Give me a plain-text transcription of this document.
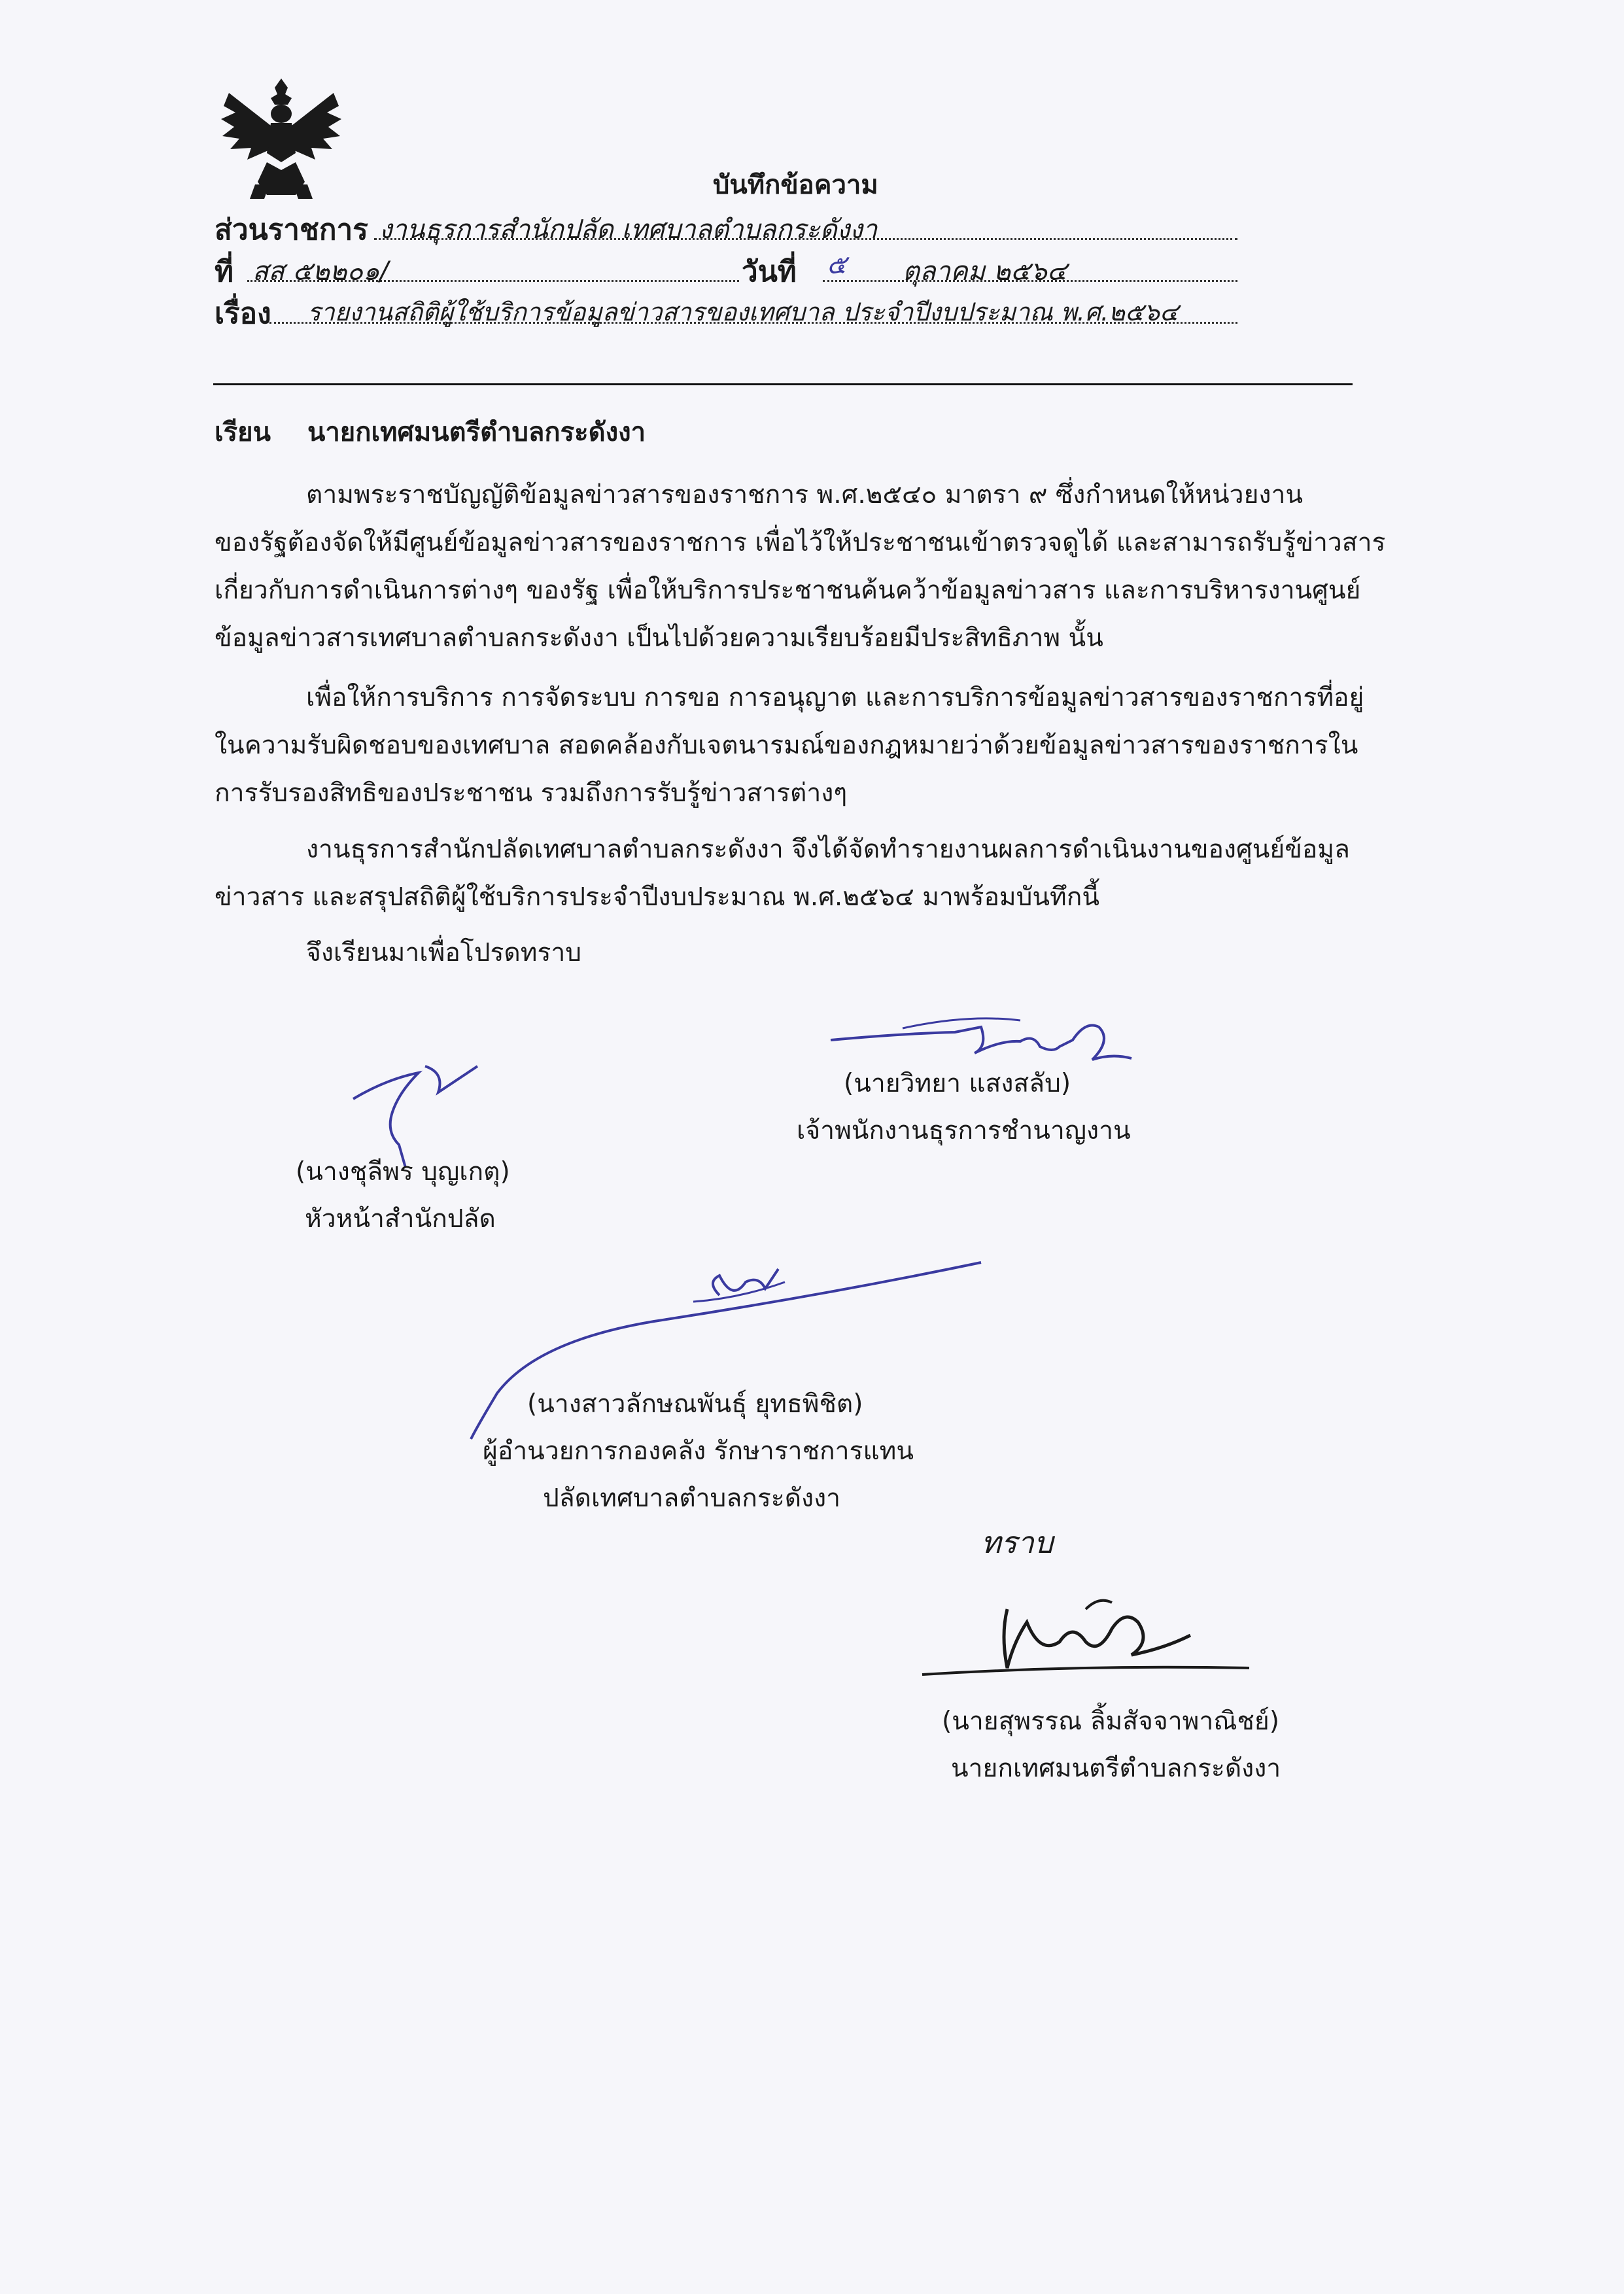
บันทึกข้อความ
ส่วนราชการ งานธุรการสำนักปลัด เทศบาลตำบลกระดังงา
ที่ สส ๕๒๒๐๑/	วันที่ ๕ ตุลาคม ๒๕๖๔
เรื่อง รายงานสถิติผู้ใช้บริการข้อมูลข่าวสารของเทศบาล ประจำปีงบประมาณ พ.ศ.๒๕๖๔
เรียน นายกเทศมนตรีตำบลกระดังงา
ตามพระราชบัญญัติข้อมูลข่าวสารของราชการ พ.ศ.๒๕๔๐ มาตรา ๙ ซึ่งกำหนดให้หน่วยงาน
ของรัฐต้องจัดให้มีศูนย์ข้อมูลข่าวสารของราชการ เพื่อไว้ให้ประชาชนเข้าตรวจดูได้ และสามารถรับรู้ข่าวสาร
เกี่ยวกับการดำเนินการต่างๆ ของรัฐ เพื่อให้บริการประชาชนค้นคว้าข้อมูลข่าวสาร และการบริหารงานศูนย์
ข้อมูลข่าวสารเทศบาลตำบลกระดังงา เป็นไปด้วยความเรียบร้อยมีประสิทธิภาพ นั้น
เพื่อให้การบริการ การจัดระบบ การขอ การอนุญาต และการบริการข้อมูลข่าวสารของราชการที่อยู่
ในความรับผิดชอบของเทศบาล สอดคล้องกับเจตนารมณ์ของกฎหมายว่าด้วยข้อมูลข่าวสารของราชการใน
การรับรองสิทธิของประชาชน รวมถึงการรับรู้ข่าวสารต่างๆ
งานธุรการสำนักปลัดเทศบาลตำบลกระดังงา จึงได้จัดทำรายงานผลการดำเนินงานของศูนย์ข้อมูล
ข่าวสาร และสรุปสถิติผู้ใช้บริการประจำปีงบประมาณ พ.ศ.๒๕๖๔ มาพร้อมบันทึกนี้
จึงเรียนมาเพื่อโปรดทราบ
(นายวิทยา แสงสลับ)
เจ้าพนักงานธุรการชำนาญงาน
(นางชุลีพร บุญเกตุ)
หัวหน้าสำนักปลัด
(นางสาวลักษณพันธุ์ ยุทธพิชิต)
ผู้อำนวยการกองคลัง รักษาราชการแทน
ปลัดเทศบาลตำบลกระดังงา
ทราบ
(นายสุพรรณ ลิ้มสัจจาพาณิชย์)
นายกเทศมนตรีตำบลกระดังงา
